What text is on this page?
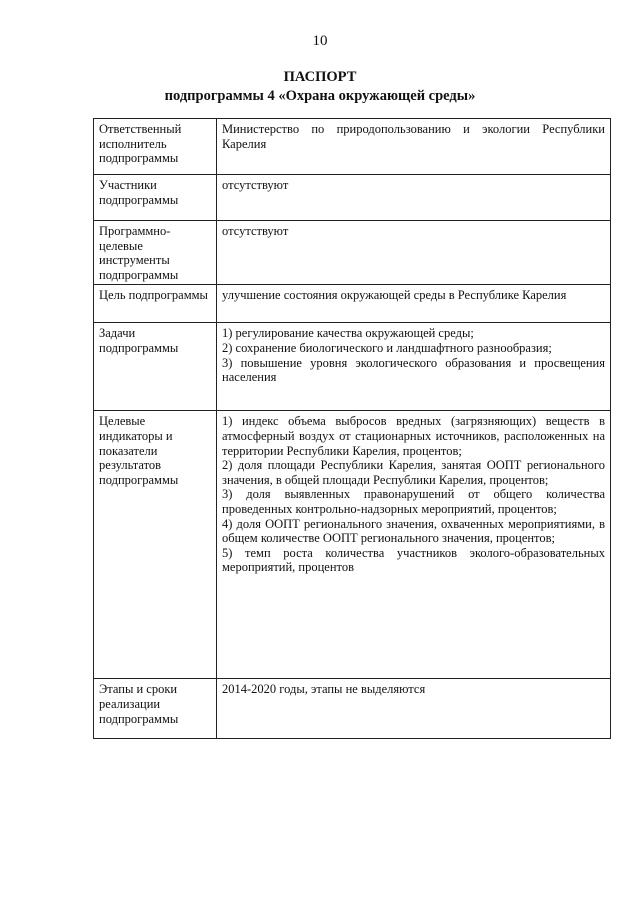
10
ПАСПОРТ
подпрограммы 4 «Охрана окружающей среды»
Ответственный исполнитель подпрограммы	Министерство по природопользованию и экологии Республики Карелия

Участники подпрограммы	отсутствуют

Программно-целевые инструменты подпрограммы	отсутствуют

Цель подпрограммы	улучшение состояния окружающей среды в Республике Карелия

Задачи подпрограммы	1) регулирование качества окружающей среды;
2) сохранение биологического и ландшафтного разнообразия;
3) повышение уровня экологического образования и просвещения населения

Целевые индикаторы и показатели результатов подпрограммы	1) индекс объема выбросов вредных (загрязняющих) веществ в атмосферный воздух от стационарных источников, расположенных на территории Республики Карелия, процентов;
2) доля площади Республики Карелия, занятая ООПТ регионального значения, в общей площади Республики Карелия, процентов;
3) доля выявленных правонарушений от общего количества проведенных контрольно-надзорных мероприятий, процентов;
4) доля ООПТ регионального значения, охваченных мероприятиями, в общем количестве ООПТ регионального значения, процентов;
5) темп роста количества участников эколого-образовательных мероприятий, процентов

Этапы и сроки реализации подпрограммы	2014-2020 годы, этапы не выделяются
